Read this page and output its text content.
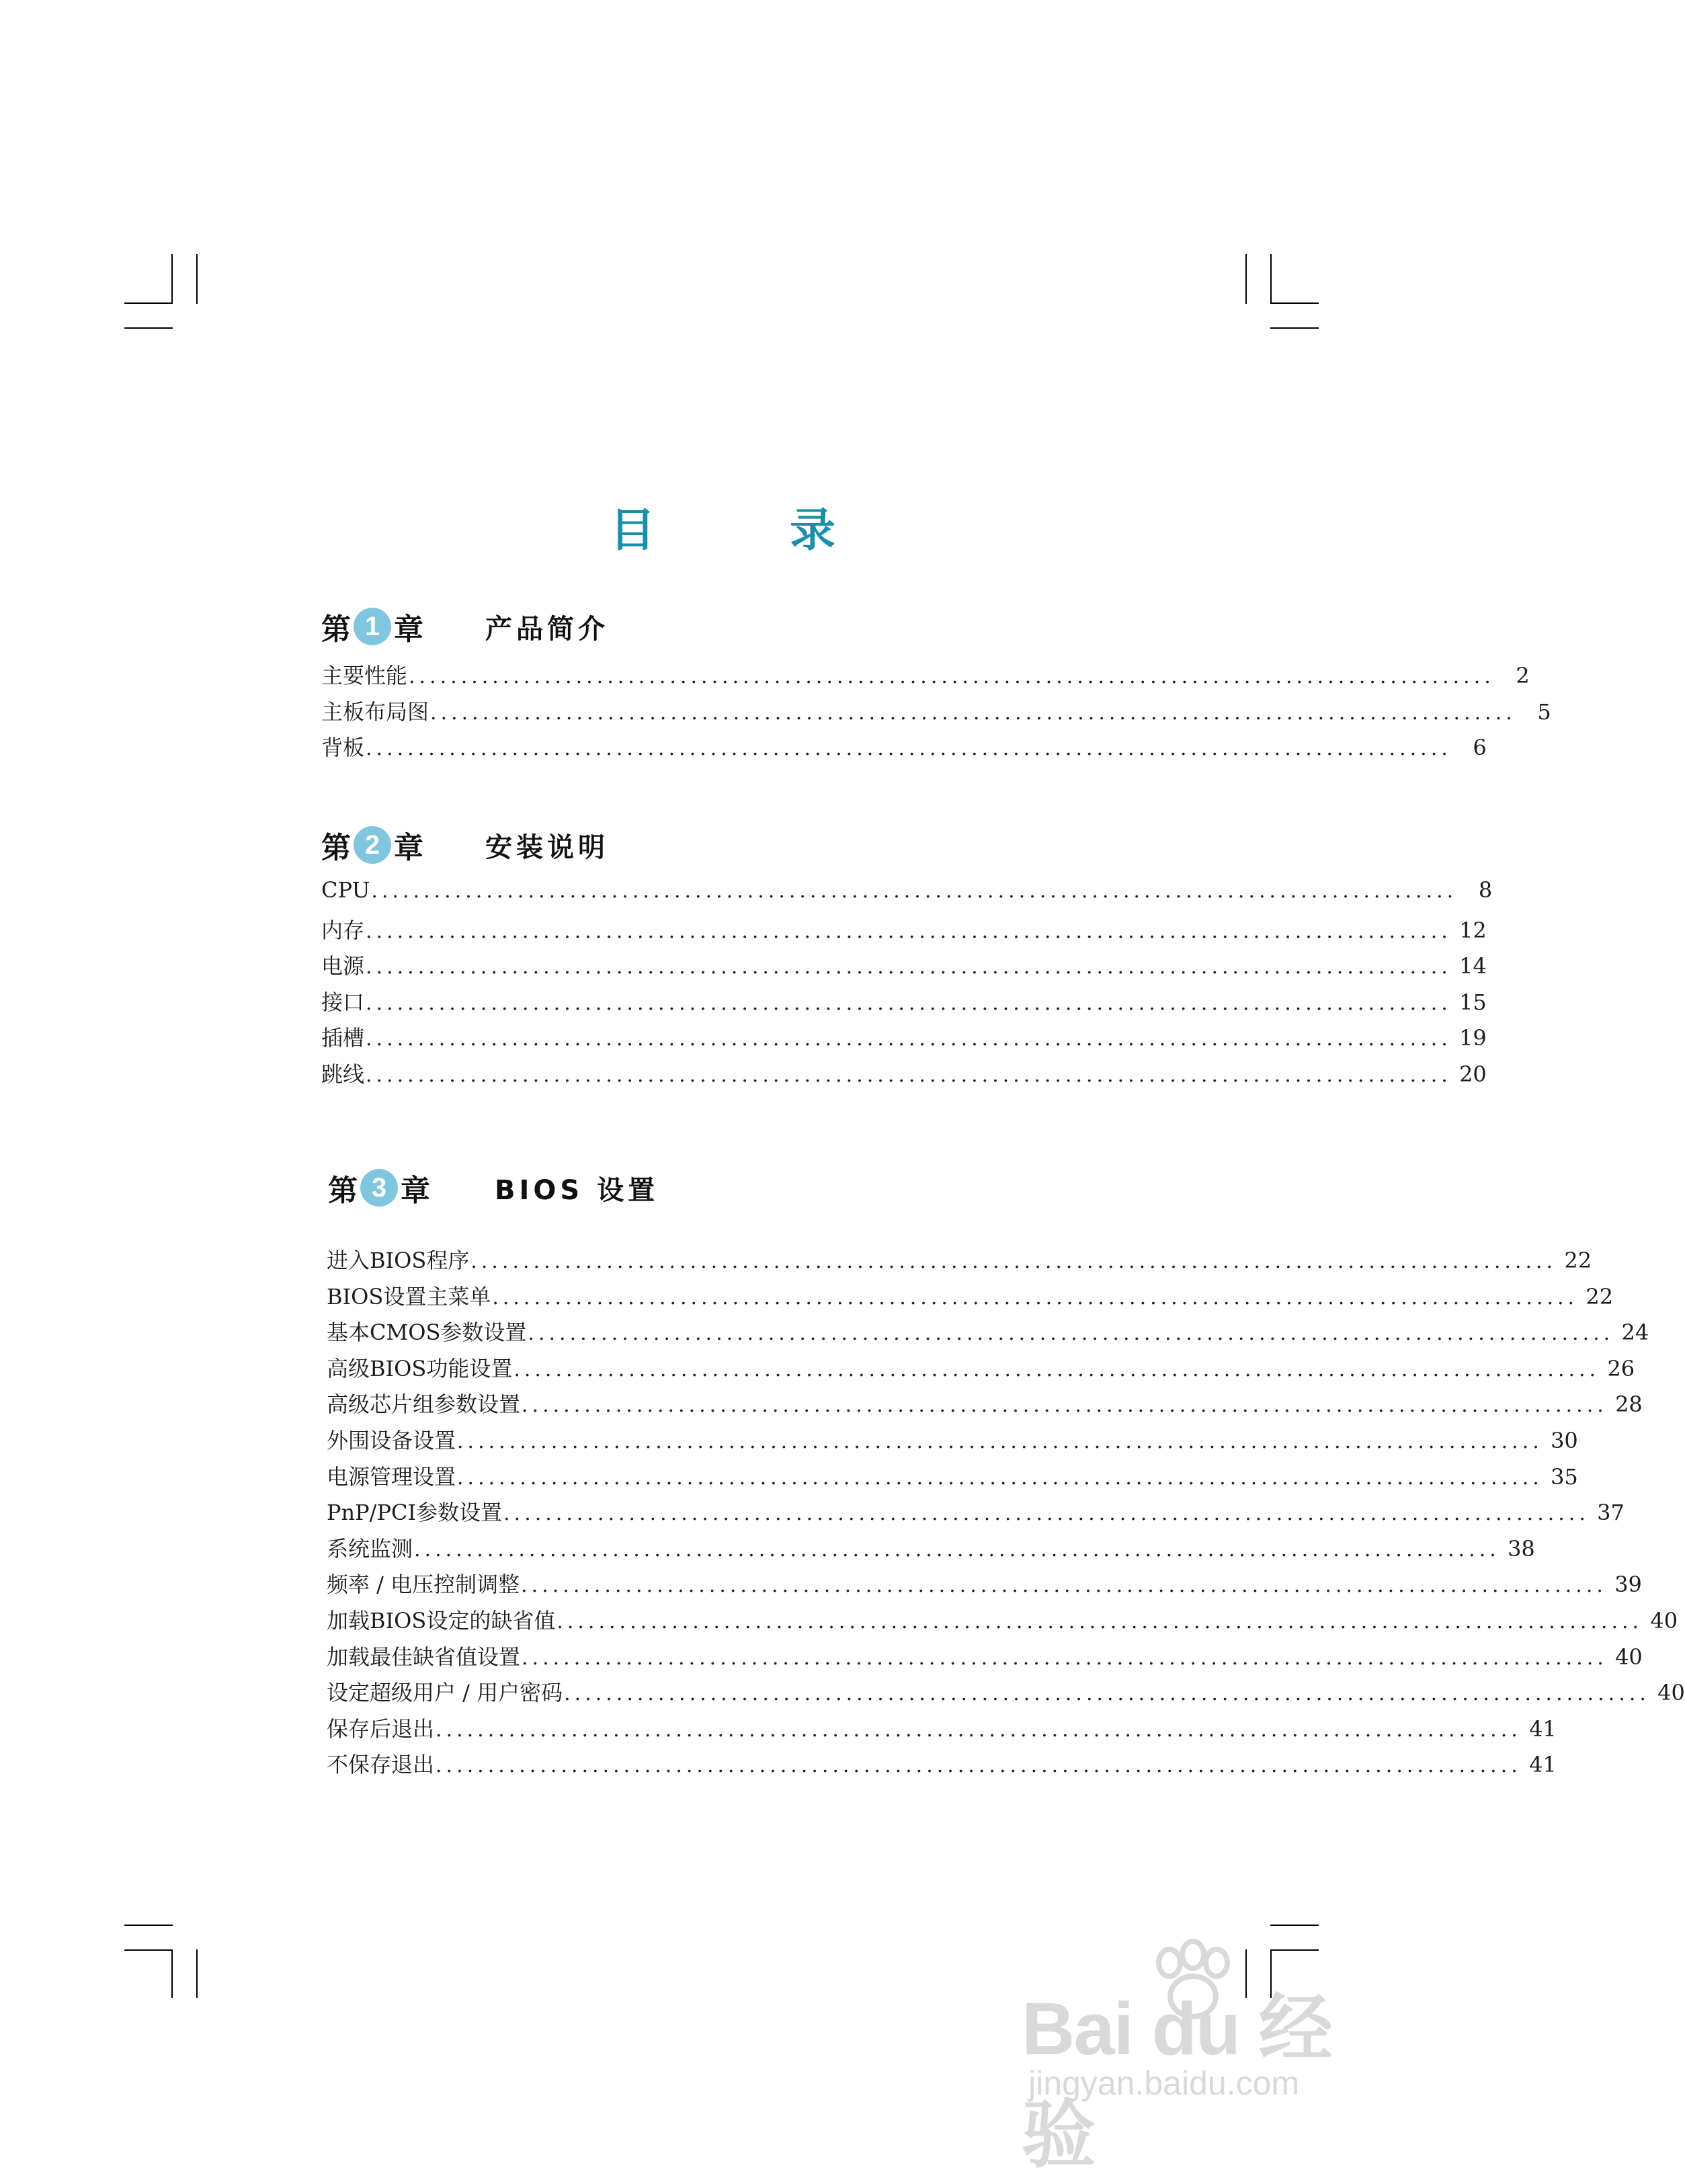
目	录
第 1 章 产品简介
主要性能 ........................................................................................................ 2
主板布局图 ........................................................................................................ 5
背板 ........................................................................................................ 6
第 2 章 安装说明
CPU ........................................................................................................ 8
内存 ........................................................................................................ 12
电源 ........................................................................................................ 14
接口 ........................................................................................................ 15
插槽 ........................................................................................................ 19
跳线 ........................................................................................................ 20
第 3 章 BIOS 设置
进入BIOS程序 ........................................................................................................ 22
BIOS设置主菜单 ........................................................................................................ 22
基本CMOS参数设置 ........................................................................................................ 24
高级BIOS功能设置 ........................................................................................................ 26
高级芯片组参数设置 ........................................................................................................ 28
外围设备设置 ........................................................................................................ 30
电源管理设置 ........................................................................................................ 35
PnP/PCI参数设置 ........................................................................................................ 37
系统监测 ........................................................................................................ 38
频率 / 电压控制调整 ........................................................................................................ 39
加载BIOS设定的缺省值 ........................................................................................................ 40
加载最佳缺省值设置 ........................................................................................................ 40
设定超级用户 / 用户密码 ........................................................................................................ 40
保存后退出 ........................................................................................................ 41
不保存退出 ........................................................................................................ 41
Bai du 经验
jingyan.baidu.com
